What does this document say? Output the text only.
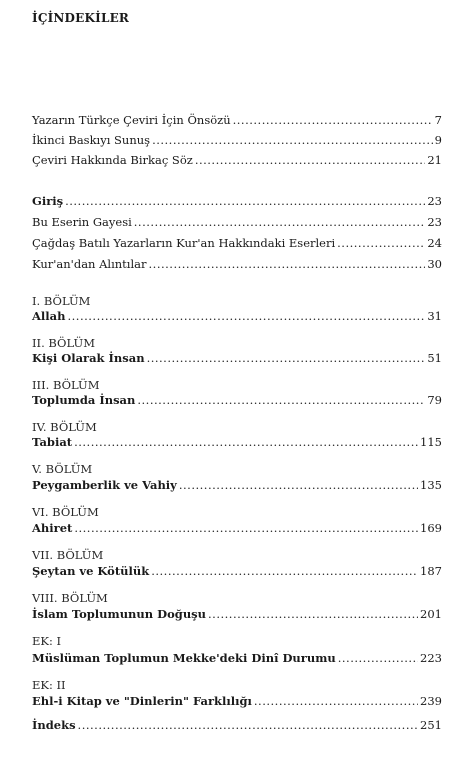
İÇİNDEKİLER
Yazarın Türkçe Çeviri İçin Önsözü .....	7
İkinci Baskıyı Sunuş .....	9
Çeviri Hakkında Birkaç Söz .....	21
Giriş .....	23
Bu Eserin Gayesi .....	23
Çağdaş Batılı Yazarların Kur'an Hakkındaki Eserleri .....	24
Kur'an'dan Alıntılar .....	30
I. BÖLÜM
Allah .....	31
II. BÖLÜM
Kişi Olarak İnsan .....	51
III. BÖLÜM
Toplumda İnsan .....	79
IV. BÖLÜM
Tabiat .....	115
V. BÖLÜM
Peygamberlik ve Vahiy .....	135
VI. BÖLÜM
Ahiret .....	169
VII. BÖLÜM
Şeytan ve Kötülük .....	187
VIII. BÖLÜM
İslam Toplumunun Doğuşu .....	201
EK: I
Müslüman Toplumun Mekke'deki Dinî Durumu .....	223
EK: II
Ehl-i Kitap ve "Dinlerin" Farklılığı .....	239
İndeks .....	251
